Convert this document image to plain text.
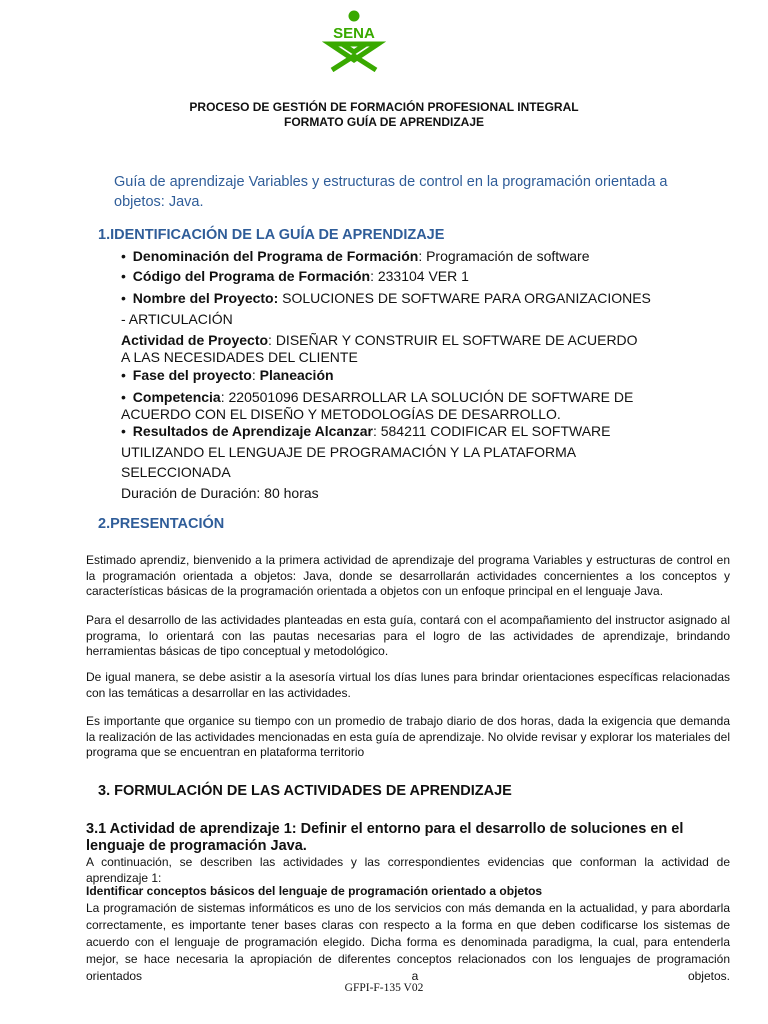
SENA
PROCESO DE GESTIÓN DE FORMACIÓN PROFESIONAL INTEGRAL
FORMATO GUÍA DE APRENDIZAJE
Guía de aprendizaje Variables y estructuras de control en la programación orientada a
objetos: Java.
1.IDENTIFICACIÓN DE LA GUÍA DE APRENDIZAJE
• Denominación del Programa de Formación: Programación de software
• Código del Programa de Formación: 233104 VER 1
• Nombre del Proyecto: SOLUCIONES DE SOFTWARE PARA ORGANIZACIONES
- ARTICULACIÓN
Actividad de Proyecto: DISEÑAR Y CONSTRUIR EL SOFTWARE DE ACUERDO
A LAS NECESIDADES DEL CLIENTE
• Fase del proyecto: Planeación
• Competencia: 220501096 DESARROLLAR LA SOLUCIÓN DE SOFTWARE DE
ACUERDO CON EL DISEÑO Y METODOLOGÍAS DE DESARROLLO.
• Resultados de Aprendizaje Alcanzar: 584211 CODIFICAR EL SOFTWARE
UTILIZANDO EL LENGUAJE DE PROGRAMACIÓN Y LA PLATAFORMA
SELECCIONADA
Duración de Duración: 80 horas
2.PRESENTACIÓN
Estimado aprendiz, bienvenido a la primera actividad de aprendizaje del programa Variables y estructuras de control en la programación orientada a objetos: Java, donde se desarrollarán actividades concernientes a los conceptos y características básicas de la programación orientada a objetos con un enfoque principal en el lenguaje Java.
Para el desarrollo de las actividades planteadas en esta guía, contará con el acompañamiento del instructor asignado al programa, lo orientará con las pautas necesarias para el logro de las actividades de aprendizaje, brindando herramientas básicas de tipo conceptual y metodológico.
De igual manera, se debe asistir a la asesoría virtual los días lunes para brindar orientaciones específicas relacionadas con las temáticas a desarrollar en las actividades.
Es importante que organice su tiempo con un promedio de trabajo diario de dos horas, dada la exigencia que demanda la realización de las actividades mencionadas en esta guía de aprendizaje. No olvide revisar y explorar los materiales del programa que se encuentran en plataforma territorio
3. FORMULACIÓN DE LAS ACTIVIDADES DE APRENDIZAJE
3.1 Actividad de aprendizaje 1: Definir el entorno para el desarrollo de soluciones en el lenguaje de programación Java.
A continuación, se describen las actividades y las correspondientes evidencias que conforman la actividad de aprendizaje 1:
Identificar conceptos básicos del lenguaje de programación orientado a objetos
La programación de sistemas informáticos es uno de los servicios con más demanda en la actualidad, y para abordarla correctamente, es importante tener bases claras con respecto a la forma en que deben codificarse los sistemas de acuerdo con el lenguaje de programación elegido. Dicha forma es denominada paradigma, la cual, para entenderla mejor, se hace necesaria la apropiación de diferentes conceptos relacionados con los lenguajes de programación orientados a objetos.
GFPI-F-135 V02
